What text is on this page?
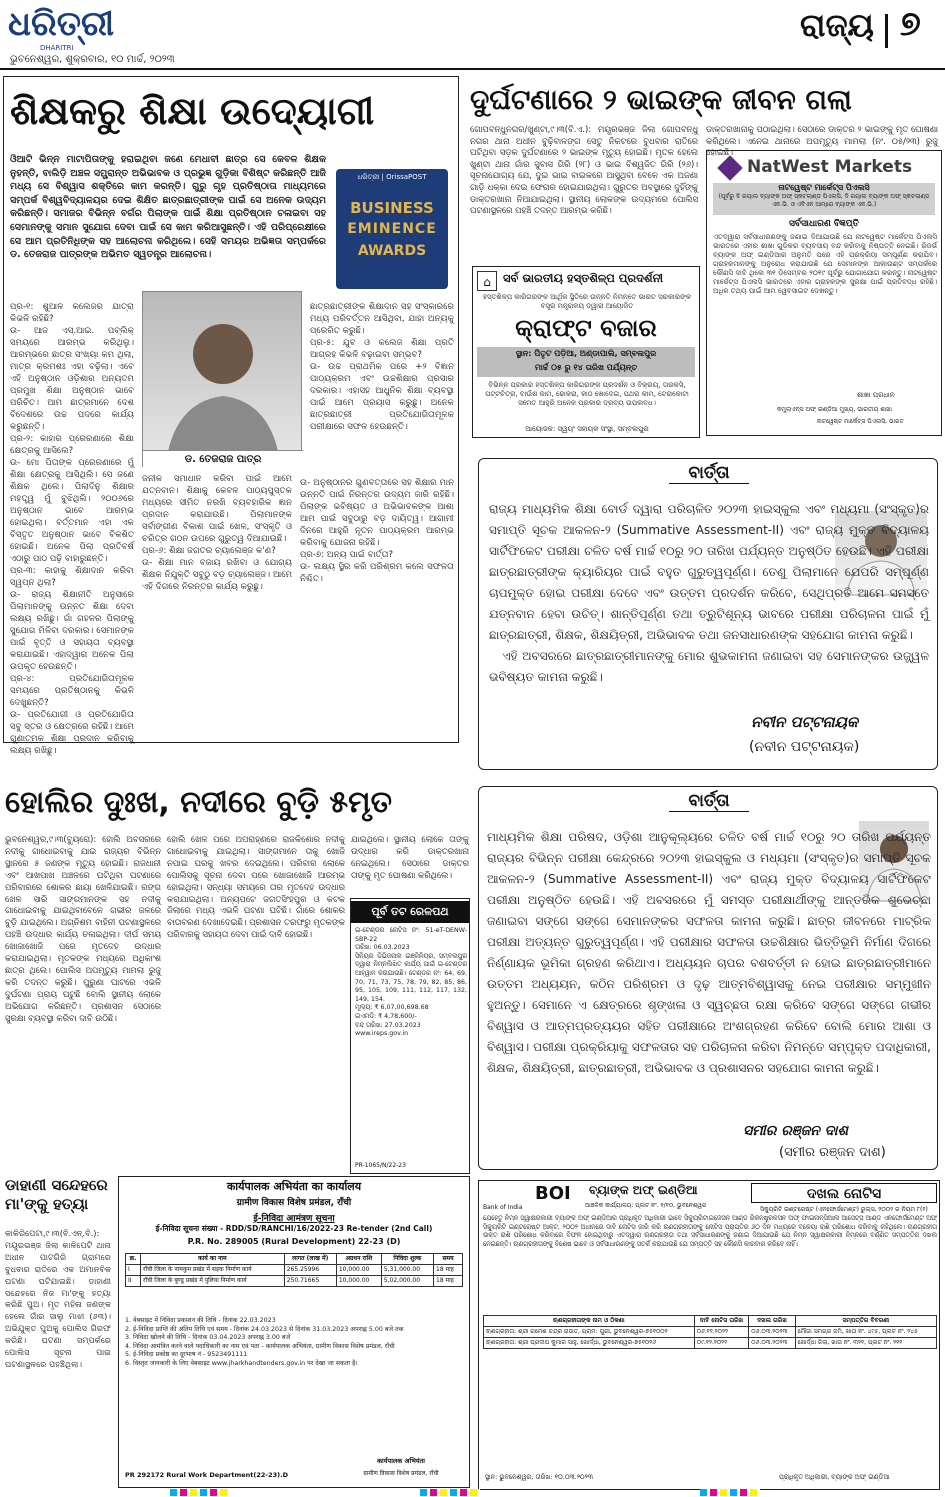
ଧରିତ୍ରୀ
DHARITRI
ଭୁବନେଶ୍ୱର, ଶୁକ୍ରବାର, ୧୦ ମାର୍ଚ୍ଚ, ୨୦୨୩
ରାଜ୍ୟ ୭
ଶିକ୍ଷକରୁ ଶିକ୍ଷା ଉଦ୍ୟୋଗୀ
ଓିଆଟି ଭିନ୍ନ ମାଟାପିତାଙ୍କୁ ହରାଇଥିବା ଜଣେ ମେଧାବୀ ଛାତ୍ର ସେ କେବଳ ଶିକ୍ଷକ ନୁହନ୍ତି, ବାଲିଡ଼ି ଅଞ୍ଚଳ ସମ୍ଭ୍ରାନ୍ତ ଅଭିଭାବକ ଓ ପ୍ରଭୁଜ୍ଞ ଗୁଡ଼ିକା ବିଶିଷ୍ଟ କରିଛନ୍ତି ଆଜି ମଧ୍ୟ ସେ ବିଶ୍ୱାସ ଶକ୍ତିରେ କାମ କରନ୍ତି। ଗୁରୁ ଗୃହ ପ୍ରତିଷ୍ଠାତା ମାଧ୍ୟମରେ ସମ୍ପର୍କ ବିଶ୍ୱବିଦ୍ୟାଳୟର ଦେଇ ଶିକ୍ଷିତ ଛାତ୍ରଛାତ୍ରୀଙ୍କ ପାଇଁ ସେ ଅନେକ ଉଦ୍ୟମ କରିଛନ୍ତି। ସମାଜର ବିଭିନ୍ନ ବର୍ଗର ପିଲାଙ୍କ ପାଇଁ ଶିକ୍ଷା ପ୍ରତିଷ୍ଠାନ ଚଳାଇବା ସହ ସେମାନଙ୍କୁ ସମାନ ସୁଯୋଗ ଦେବା ପାଇଁ ସେ କାମ କରିଆସୁଛନ୍ତି। ଏହି ପରିପ୍ରେକ୍ଷୀରେ ସେ ଆମ ପ୍ରତିନିଧିଙ୍କ ସହ ଆଲୋଚନା କରିଥିଲେ। ସେହି ସମୟର ଅଭିଜ୍ଞତା ସମ୍ପର୍କରେ ଡ. ତେଜରାଜ ପାତ୍ରଙ୍କ ଅଭିମତ ସ୍ୱତନ୍ତ୍ର ଆଲୋଚନା।
ଧରିତ୍ରୀ | OrissaPOST
BUSINESS
EMINENCE
AWARDS
ପ୍ର-୧: ଶୁଆଳ କଲେଜର ଯାତ୍ରା କିଭଳି ରହିଛି?
ଉ- ଆଜ ଏସ୍.ଆଇ. ପବ୍ଲିକ୍ ସମୟରେ ଆରମ୍ଭ କରିଥିଲୁ। ଆରମ୍ଭରେ ଛାତ୍ର ସଂଖ୍ୟା କମ ଥିଲା, ମାତ୍ର କ୍ରମଶଃ ଏହା ବଢ଼ିଲା। ଏବେ ଏହି ଅନୁଷ୍ଠାନ ଓଡ଼ିଶାର ଅନ୍ୟତମ ପ୍ରମୁଖ ଶିକ୍ଷା ଅନୁଷ୍ଠାନ ଭାବେ ପରିଚିତ। ଆମ ଛାତ୍ରମାନେ ଦେଶ ବିଦେଶରେ ଉଚ୍ଚ ପଦରେ କାର୍ଯ୍ୟ କରୁଛନ୍ତି।
ପ୍ର-୨: କାହାର ପ୍ରେରଣାରେ ଶିକ୍ଷା କ୍ଷେତ୍ରକୁ ଆସିଲେ?
ଉ- ମୋ ପିତାଙ୍କ ପ୍ରେରଣାରେ ମୁଁ ଶିକ୍ଷା କ୍ଷେତ୍ରକୁ ଆସିଥିଲି। ସେ ଜଣେ ଶିକ୍ଷକ ଥିଲେ। ପିଲାଦିନୁ ଶିକ୍ଷାର ମହତ୍ତ୍ୱ ମୁଁ ବୁଝିଥିଲି। ୨୦୦୬ରେ ଅନୁଷ୍ଠାନ ଭାବେ ଆରମ୍ଭ ହୋଇଥିଲା। ବର୍ତ୍ତମାନ ଏହା ଏକ ବିସ୍ତୃତ ଅନୁଷ୍ଠାନ ଭାବେ ବିକଶିତ ହୋଇଛି। ଅନେକ ପିଲା ପ୍ରତିବର୍ଷ ଏଠାରୁ ପାଠ ପଢ଼ି ବାହାରୁଛନ୍ତି।
ପ୍ର-୩: କାହାକୁ ଶିକ୍ଷାଦାନ କରିବା ସ୍ୱପ୍ନ ଥିଲା?
ଉ- ରାଜ୍ୟ ଶିକ୍ଷାନୀତି ଅନୁସାରେ ପିଲାମାନଙ୍କୁ ଉନ୍ନତ ଶିକ୍ଷା ଦେବା ଲକ୍ଷ୍ୟ ରଖିଛୁ। ଗାଁ ଗହଳର ପିଲାଙ୍କୁ ସୁଯୋଗ ମିଳିବା ଦରକାର। ସେମାନଙ୍କ ପାଇଁ ବୃତ୍ତି ଓ ସହାୟତା ବ୍ୟବସ୍ଥା କରାଯାଇଛି। ଏହାଦ୍ୱାରା ଅନେକ ପିଲା ଉପକୃତ ହେଉଛନ୍ତି।
ପ୍ର-୪: ପ୍ରତିଯୋଗିତାମୂଳକ ସମୟରେ ପ୍ରତିଷ୍ଠାନକୁ କିଭଳି ଦେଖୁଛନ୍ତି?
ଉ- ପ୍ରତିଯୋଗୀ ଓ ପ୍ରତିଯୋଗିତା ସବୁ ସ୍ତର ଓ କ୍ଷେତ୍ରରେ ରହିଛି। ଆମେ ଗୁଣାତ୍ମକ ଶିକ୍ଷା ପ୍ରଦାନ କରିବାକୁ ଲକ୍ଷ୍ୟ ରଖିଛୁ।
ଡ. ତେଜରାଜ ପାତ୍ର
ଛାତ୍ରଛାତ୍ରୀଙ୍କ ଶିକ୍ଷାଦାନ ସହ ସଂସ୍କାରରେ ମଧ୍ୟ ପରିବର୍ତ୍ତନ ଆସିଥିବା, ଯାହା ଅନ୍ୟକୁ ପ୍ରେରିତ କରୁଛି।
ପ୍ର-୫: ଯୁବ ଓ କଲେଜ ଶିକ୍ଷା ପ୍ରତି ଆଗ୍ରହ କିଭଳି ବଢ଼ାଇବା ସମ୍ଭବ?
ଉ- ଉଚ୍ଚ ପ୍ରାଥମିକ ପରେ +୨ ବିଜ୍ଞାନ ପାଠ୍ୟକ୍ରମ ଏବଂ ଉଚ୍ଚଶିକ୍ଷାର ପ୍ରସାର ଦରକାର। ଏହାସହ ଆଧୁନିକ ଶିକ୍ଷା ବ୍ୟବସ୍ଥା ପାଇଁ ଆମେ ପ୍ରୟାସ କରୁଛୁ। ଅନେକ ଛାତ୍ରଛାତ୍ରୀ ପ୍ରତିଯୋଗିତାମୂଳକ ପରୀକ୍ଷାରେ ସଫଳ ହେଉଛନ୍ତି।
ଜନୀକ ସମାଧାନ କରିବା ପାଇଁ ଆମେ ଯତ୍ନବାନ। ଶିକ୍ଷାକୁ କେବଳ ପାଠ୍ୟପୁସ୍ତକ ମଧ୍ୟରେ ସୀମିତ ନରଖି ବ୍ୟବହାରିକ ଜ୍ଞାନ ପ୍ରଦାନ କରାଯାଉଛି। ପିଲାମାନଙ୍କ ସର୍ବାଙ୍ଗୀଣ ବିକାଶ ପାଇଁ ଖେଳ, ସଂସ୍କୃତି ଓ ଚରିତ୍ର ଗଠନ ଉପରେ ଗୁରୁତ୍ୱ ଦିଆଯାଉଛି।
ପ୍ର-୬: ଶିକ୍ଷା ଜଗତର ଚ୍ୟାଲେଞ୍ଜ କ'ଣ?
ଉ- ଶିକ୍ଷା ମାନ ବଜାୟ ରଖିବା ଓ ଯୋଗ୍ୟ ଶିକ୍ଷକ ନିଯୁକ୍ତି ସବୁଠୁ ବଡ଼ ଚ୍ୟାଲେଞ୍ଜ। ଆମେ ଏହି ଦିଗରେ ନିରନ୍ତର କାର୍ଯ୍ୟ କରୁଛୁ।
ଉ- ଅନୁଷ୍ଠାନର ଗୁଣବତ୍ତାରେ ସହ ଶିକ୍ଷାର ମାନ ଉନ୍ନତି ପାଇଁ ନିରନ୍ତର ଉଦ୍ୟମ ଜାରି ରହିଛି। ପିଲାଙ୍କ ଭବିଷ୍ୟତ ଓ ଅଭିଭାବକଙ୍କ ଆଶା ଆମ ପାଇଁ ସବୁଠାରୁ ବଡ଼ ଦାୟିତ୍ୱ। ଆଗାମୀ ଦିନରେ ଆହୁରି ନୂତନ ପାଠ୍ୟକ୍ରମ ଆରମ୍ଭ କରିବାକୁ ଯୋଜନା ରହିଛି।
ପ୍ର-୭: ଅନ୍ୟ ପାଇଁ ବାର୍ତ୍ତା?
ଉ- ଲକ୍ଷ୍ୟ ସ୍ଥିର କରି ପରିଶ୍ରମ କଲେ ସଫଳତା ନିଶ୍ଚିତ।
ଦୁର୍ଘଟଣାରେ ୨ ଭାଇଙ୍କ ଜୀବନ ଗଲା
ଗୋପବନ୍ଧୁନଗର/ଖୁଣ୍ଟା,୯।୩(ବି.ଏ.): ମୟୂରଭଞ୍ଜ ଜିଲା ଗୋପବନ୍ଧୁ ନଗର ଥାନା ଅଧୀନ ବୁଢ଼ିବାଳଙ୍ଗ ସେତୁ ନିକଟରେ ବୁଧବାର ରାତିରେ ଘଟିଥିବା ସଡ଼କ ଦୁର୍ଘଟଣାରେ ୨ ଭାଇଙ୍କ ମୃତ୍ୟୁ ହୋଇଛି। ମୃତକ ହେଲେ ଖୁଣ୍ଟା ଥାନା ଗାଁର ସୁବାସ ଗିରି (୨୮) ଓ ଭାଇ ବିଶ୍ୱଜିତ ଗିରି (୨୬)। ସୂଚନାଯୋଗ୍ୟ ଯେ, ଦୁଇ ଭାଇ ବାଇକରେ ଆସୁଥିବା ବେଳେ ଏକ ଅଜଣା ଗାଡ଼ି ଧକ୍କା ଦେଇ ଫେରାର ହୋଇଯାଇଥିଲା। ଗୁରୁତର ଅବସ୍ଥାରେ ଦୁହିଁଙ୍କୁ ଡାକ୍ତରଖାନା ନିଆଯାଇଥିଲା। ସ୍ଥାନୀୟ ଲୋକଙ୍କ ଉଦ୍ୟମରେ ପୋଲିସ ଘଟଣାସ୍ଥଳରେ ପହଞ୍ଚି ତଦନ୍ତ ଆରମ୍ଭ କରିଛି।
ଡାକ୍ତରଖାନାକୁ ପଠାଇଥିଲା। ସେଠାରେ ଡାକ୍ତର ୨ ଭାଇଙ୍କୁ ମୃତ ଘୋଷଣା କରିଥିଲେ। ଏନେଇ ଥାନାରେ ଅପମୃତ୍ୟୁ ମାମଲା (ନଂ. ୦୫/୨୩) ରୁଜୁ ହୋଇଛି।
NatWest Markets
ନାଟୱେଷ୍ଟ ମାର୍କେଟ୍ସ ପିଏଲସି
(ପୂର୍ବରୁ ଦି ରୟାଲ ବ୍ୟାଙ୍କ ଅଫ୍ ସ୍କଟଲାଣ୍ଡ ପିଏଲସି, ଦି ରୟାଲ ବ୍ୟାଙ୍କ ଅଫ୍ ସ୍କଟଲାଣ୍ଡ ଏନ.ଭି. ଓ ଏବିଏନ ଆମ୍ରୋ ବ୍ୟାଙ୍କ ଏନ.ଭି.)
ସର୍ବସାଧାରଣ ବିଜ୍ଞପ୍ତି
ଏତଦ୍ୱାରା ସର୍ବସାଧାରଣଙ୍କୁ ଜଣାଇ ଦିଆଯାଉଛି ଯେ ନାଟୱେଷ୍ଟ ମାର୍କେଟ୍ସ ପିଏଲସି ଭାରତରେ ଏହାର ଶାଖା ଗୁଡ଼ିକର ବ୍ୟବସାୟ ବନ୍ଦ କରିବାକୁ ନିଷ୍ପତ୍ତି ନେଇଛି। ରିଜର୍ଭ ବ୍ୟାଙ୍କ ଅଫ୍ ଇଣ୍ଡିଆର ଅନୁମତି ପରେ ଏହି ପ୍ରକ୍ରିୟା ସମ୍ପୂର୍ଣ୍ଣ କରାଯିବ। ଗ୍ରାହକମାନଙ୍କୁ ଅନୁରୋଧ କରାଯାଉଛି ଯେ ସେମାନଙ୍କ ଆକାଉଣ୍ଟ ସମ୍ପର୍କରେ କୌଣସି ଦାବି ଥିଲେ ୩୧ ଡିସେମ୍ବର ୨୦୧୯ ପୂର୍ବରୁ ଯୋଗାଯୋଗ କରନ୍ତୁ। ନାଟୱେଷ୍ଟ ମାର୍କେଟ୍ସ ପିଏଲସି ଭାରତରେ ଏହାର ଗ୍ରାହକଙ୍କ ସୁରକ୍ଷା ପାଇଁ ପ୍ରତିବଦ୍ଧ ରହିଛି। ଅଧିକ ତଥ୍ୟ ପାଇଁ ଆମ ୱେବସାଇଟ ଦେଖନ୍ତୁ।
ଶାଖା ପ୍ରଧାନ
କମ୍ପ୍ଲାଏନ୍ସ ଅଫ୍ ଇଣ୍ଡିଆ ମୁଖ୍ୟ, ଭାରତୀୟ ଶାଖା
ନାଟୱେଷ୍ଟ ମାର୍କେଟ୍ସ ପିଏଲସି, ଭାରତ
⌂	ସର୍ବ ଭାରତୀୟ ହସ୍ତଶିଳ୍ପ ପ୍ରଦର୍ଶନୀ
ହସ୍ତଶିଳ୍ପ କାରିଗରଙ୍କ ଆର୍ଥିକ ସ୍ଥିତିରେ ଉନ୍ନତି ନିମନ୍ତେ ଭାରତ ସରକାରଙ୍କ ବସ୍ତ୍ର ମନ୍ତ୍ରାଳୟ ଦ୍ୱାରା ଆୟୋଜିତ
କ୍ରାଫ୍ଟ ବଜାର
ସ୍ଥାନ: ପିତୃଟ ପଡ଼ିଆ, ଅଣ୍ଡାପାଲି, ସମ୍ବଲପୁର
ମାର୍ଚ୍ଚ ୦୫ ରୁ ୧୪ ତାରିଖ ପର୍ଯ୍ୟନ୍ତ
ବିଭିନ୍ନ ପ୍ରକାର ହସ୍ତଶିଳ୍ପ କାରିଗରଙ୍କ ପ୍ରଦର୍ଶନ ଓ ବିକ୍ରୟ, ତାରକସି, ପଟ୍ଟଚିତ୍ର, ବାଉଁଶ କାମ, ଢୋକରା, କାଠ ଖୋଦେଇ, ପଥର କାମ, ଟେରାକୋଟା ସମେତ ଆହୁରି ଅନେକ ପ୍ରକାର ଦ୍ରବ୍ୟ ଉପଲବ୍ଧ।
ଆୟୋଜକ: ସ୍ୱୟଂ ସହାୟକ ସଂସ୍ଥା, ସମ୍ବଲପୁର
ବାର୍ତ୍ତା
ରାଜ୍ୟ ମାଧ୍ୟମିକ ଶିକ୍ଷା ବୋର୍ଡ ଦ୍ୱାରା ପରିଚାଳିତ ୨୦୨୩ ହାଇସ୍କୁଲ ଏବଂ ମଧ୍ୟମା (ସଂସ୍କୃତ)ର ସମାପ୍ତି ସୂଚକ ଆକଳନ-୨ (Summative Assessment-II) ଏବଂ ରାଜ୍ୟ ମୁକ୍ତ ବିଦ୍ୟାଳୟ ସାର୍ଟିଫିକେଟ ପରୀକ୍ଷା ଚଳିତ ବର୍ଷ ମାର୍ଚ୍ଚ ୧୦ରୁ ୨୦ ତାରିଖ ପର୍ଯ୍ୟନ୍ତ ଅନୁଷ୍ଠିତ ହେଉଛି। ଏହି ପରୀକ୍ଷା ଛାତ୍ରଛାତ୍ରୀଙ୍କ କ୍ୟାରିୟର ପାଇଁ ବହୁତ ଗୁରୁତ୍ୱପୂର୍ଣ୍ଣ। ତେଣୁ ପିଲାମାନେ ଯେପରି ସମ୍ପୂର୍ଣ୍ଣ ଚାପମୁକ୍ତ ହୋଇ ପରୀକ୍ଷା ଦେବେ ଏବଂ ଉତ୍ତମ ପ୍ରଦର୍ଶନ କରିବେ, ସେଥିପ୍ରତି ଆମେ ସମସ୍ତେ ଯତ୍ନବାନ ହେବା ଉଚିତ୍। ଶାନ୍ତିପୂର୍ଣ୍ଣ ତଥା ତ୍ରୁଟିଶୂନ୍ୟ ଭାବରେ ପରୀକ୍ଷା ପରିଚାଳନା ପାଇଁ ମୁଁ ଛାତ୍ରଛାତ୍ରୀ, ଶିକ୍ଷକ, ଶିକ୍ଷୟିତ୍ରୀ, ଅଭିଭାବକ ତଥା ଜନସାଧାରଣଙ୍କ ସହଯୋଗ କାମନା କରୁଛି।
ଏହି ଅବସରରେ ଛାତ୍ରଛାତ୍ରୀମାନଙ୍କୁ ମୋର ଶୁଭକାମନା ଜଣାଇବା ସହ ସେମାନଙ୍କର ଉଜ୍ଜ୍ୱଳ ଭବିଷ୍ୟତ କାମନା କରୁଛି।
ନବୀନ ପଟ୍ଟନାୟକ
(ନବୀନ ପଟ୍ଟନାୟକ)
ହୋଲିର ଦୁଃଖ, ନଦୀରେ ବୁଡ଼ି ୫ମୃତ
ଭୁବନେଶ୍ୱର,୯।୩(ବ୍ୟୁରୋ): ହୋଲି ଅବସରରେ ନଦୀକୁ ଗାଧୋଇବାକୁ ଯାଇ ରାଜ୍ୟର ବିଭିନ୍ନ ସ୍ଥାନରେ ୫ ଜଣଙ୍କ ମୃତ୍ୟୁ ହୋଇଛି। ରାଜଧାନୀ ଏବଂ ଆଖପାଖ ଅଞ୍ଚଳରେ ଘଟିଥିବା ଘଟଣାରେ ପରିବାରରେ ଶୋକର ଛାୟା ଖେଳିଯାଇଛି। ରଙ୍ଗ ଖେଳ ସାରି ସାଙ୍ଗମାନଙ୍କ ସହ ନଦୀକୁ ଗାଧୋଇବାକୁ ଯାଇଥିବାବେଳେ ଗଭୀର ଜଳରେ ବୁଡ଼ି ଯାଇଥିଲେ। ଅଗ୍ନିଶମ ବାହିନୀ ଘଟଣାସ୍ଥଳରେ ପହଞ୍ଚି ଉଦ୍ଧାର କାର୍ଯ୍ୟ ଚଳାଇଥିଲା। ଦୀର୍ଘ ସମୟ ଖୋଜାଖୋଜି ପରେ ମୃତଦେହ ଉଦ୍ଧାର କରାଯାଇଥିଲା। ମୃତକଙ୍କ ମଧ୍ୟରେ ଅଧିକାଂଶ ଛାତ୍ର ଥିଲେ। ପୋଲିସ ଅପମୃତ୍ୟୁ ମାମଲା ରୁଜୁ କରି ତଦନ୍ତ କରୁଛି। ପୁରୁଣା ଘାଟରେ ଏଭଳି ଦୁର୍ଘଟଣା ପ୍ରାୟ ଘଟୁଛି ବୋଲି ସ୍ଥାନୀୟ ଲୋକେ ଅଭିଯୋଗ କରିଛନ୍ତି। ପ୍ରଶାସନ ସେଠାରେ ସୁରକ୍ଷା ବ୍ୟବସ୍ଥା କରିବା ଦାବି ଉଠିଛି।
ହୋଲି ଖେଳ ପରେ ଅପରାହ୍ଣରେ ରାଜକିଶୋର ନଦୀକୁ ଗାଧୋଇବାକୁ ଯାଇଥିଲା। ସାଙ୍ଗମାନେ ତାକୁ ଖୋଜି ନପାଇ ଘରକୁ ଖବର ଦେଇଥିଲେ। ପରିବାର ଲୋକେ ପୋଲିସକୁ ସୂଚନା ଦେବା ପରେ ଖୋଜାଖୋଜି ଆରମ୍ଭ ହୋଇଥିଲା। ସନ୍ଧ୍ୟା ସମୟରେ ତାର ମୃତଦେହ ଉଦ୍ଧାର କରାଯାଇଥିଲା। ଅନ୍ୟପଟେ ଜଗତସିଂହପୁର ଓ କଟକ ଜିଲାରେ ମଧ୍ୟ ଏଭଳି ଘଟଣା ଘଟିଛି। ଗାଁରେ ଶୋକର ବାତାବରଣ ଦେଖାଦେଇଛି। ପ୍ରଶାସନ ତରଫରୁ ମୃତକଙ୍କ ପରିବାରକୁ ସହାୟତା ଦେବା ପାଇଁ ଦାବି ହୋଇଛି।
ଯାଇଥିଲେ। ସ୍ଥାନୀୟ ଲୋକେ ତାଙ୍କୁ ଉଦ୍ଧାର କରି ଡାକ୍ତରଖାନା ନେଇଥିଲେ। ସେଠାରେ ଡାକ୍ତର ତାଙ୍କୁ ମୃତ ଘୋଷଣା କରିଥିଲେ।
ପୂର୍ବ ତଟ ରେଳପଥ
ଇ-ଟେଣ୍ଡର ନୋଟିସ ନଂ: 51-eT-DENW-SBP-22
ତାରିଖ: 06.03.2023
ସିନିୟର ଡିଭିଜନାଲ ଇଞ୍ଜିନିୟର, ସମ୍ବଲପୁର ଦ୍ୱାରା ନିମ୍ନଲିଖିତ କାର୍ଯ୍ୟ ପାଇଁ ଇ-ଟେଣ୍ଡର ଆହ୍ୱାନ କରାଯାଉଛି। ଟେଣ୍ଡର ନଂ: 64, 69, 70, 71, 73, 75, 78, 79, 82, 85, 86, 95, 105, 109, 111, 112, 117, 132, 149, 154.
ମୂଲ୍ୟ: ₹ 6,07,00,698.68
ଇଏମଡି: ₹ 4,78,600/-
ବନ୍ଦ ତାରିଖ: 27.03.2023
www.ireps.gov.in
PR-1065/N/22-23
ଡାହାଣୀ ସନ୍ଦେହରେ ମା'ଙ୍କୁ ହତ୍ୟା
କାକିରିପେଟା,୯।୩(ବି.ଏନ୍.ବି.): ମୟୂରଭଞ୍ଜ ଜିଲା କାଳିପେଟି ଥାନା ଅଧୀନ ପାଟଗିରି ଗ୍ରାମରେ ବୁଧବାର ରାତିରେ ଏକ ଅମାନବିକ ଘଟଣା ଘଟିଯାଇଛି। ଡାହାଣୀ ସନ୍ଦେହରେ ନିଜ ମା'ଙ୍କୁ ହତ୍ୟା କରିଛି ପୁଅ। ମୃତ ମହିଳା ଜଣଙ୍କ ହେଲେ ଗାଁର ସାଲୁ ମାଝୀ (୬୩)। ଅଭିଯୁକ୍ତ ପୁଅକୁ ପୋଲିସ ଗିରଫ କରିଛି। ଘଟଣା ସମ୍ପର୍କରେ ପୋଲିସ ସୂଚନା ପାଇ ଘଟଣାସ୍ଥଳରେ ପହଞ୍ଚିଥିଲା।
कार्यपालक अभियंता का कार्यालय
ग्रामीण विकास विशेष प्रमंडल, राँची
ई-निविदा आमंत्रण सूचना
ई-निविदा सूचना संख्या - RDD/SD/RANCHI/16/2022-23 Re-tender (2nd Call)
P.R. No. 289005 (Rural Development) 22-23 (D)
क्र.	कार्य का नाम	लागत (लाख में)	अग्रधन राशि	निविदा शुल्क	समय
I	राँची जिला के नामकुम प्रखंड में सड़क निर्माण कार्य	265.25996	10,000.00	5,31,000.00	18 माह
II	राँची जिला के बुण्डू प्रखंड में पुलिया निर्माण कार्य	250.71665	10,000.00	5,02,000.00	18 माह
1. वेबसाइट में निविदा प्रकाशन की तिथि - दिनांक 22.03.2023
2. ई-निविदा प्राप्ति की अंतिम तिथि एवं समय - दिनांक 24.03.2023 से दिनांक 31.03.2023 अपराह्न 5.00 बजे तक
3. निविदा खोलने की तिथि - दिनांक 03.04.2023 अपराह्न 3.00 बजे
4. निविदा आमंत्रित करने वाले पदाधिकारी का नाम एवं पता - कार्यपालक अभियंता, ग्रामीण विकास विशेष प्रमंडल, राँची
5. ई-निविदा प्रकोष्ठ का दूरभाष नं - 9523491111
6. विस्तृत जानकारी के लिए वेबसाइट www.jharkhandtenders.gov.in पर देखा जा सकता है।
PR 292172 Rural Work Department(22-23).D
कार्यपालक अभियंता
ग्रामीण विकास विशेष प्रमंडल, राँची
ବାର୍ତ୍ତା
ମାଧ୍ୟମିକ ଶିକ୍ଷା ପରିଷଦ, ଓଡ଼ିଶା ଆନୁକୂଲ୍ୟରେ ଚଳିତ ବର୍ଷ ମାର୍ଚ୍ଚ ୧୦ରୁ ୨୦ ତାରିଖ ପର୍ଯ୍ୟନ୍ତ ରାଜ୍ୟର ବିଭିନ୍ନ ପରୀକ୍ଷା କେନ୍ଦ୍ରରେ ୨୦୨୩ ହାଇସ୍କୁଲ ଓ ମଧ୍ୟମା (ସଂସ୍କୃତ)ର ସମାପ୍ତି ସୂଚକ ଆକଳନ-୨ (Summative Assessment-II) ଏବଂ ରାଜ୍ୟ ମୁକ୍ତ ବିଦ୍ୟାଳୟ ସାର୍ଟିଫିକେଟ ପରୀକ୍ଷା ଅନୁଷ୍ଠିତ ହେଉଛି। ଏହି ଅବସରରେ ମୁଁ ସମସ୍ତ ପରୀକ୍ଷାର୍ଥୀଙ୍କୁ ଆନ୍ତରିକ ଶୁଭେଚ୍ଛା ଜଣାଇବା ସଙ୍ଗେ ସଙ୍ଗେ ସେମାନଙ୍କର ସଫଳତା କାମନା କରୁଛି। ଛାତ୍ର ଜୀବନରେ ମାଟ୍ରିକ ପରୀକ୍ଷା ଅତ୍ୟନ୍ତ ଗୁରୁତ୍ୱପୂର୍ଣ୍ଣ। ଏହି ପରୀକ୍ଷାର ସଫଳତା ଉଚ୍ଚଶିକ୍ଷାର ଭିତ୍ତିଭୂମି ନିର୍ମାଣ ଦିଗରେ ନିର୍ଣ୍ଣାୟକ ଭୂମିକା ଗ୍ରହଣ କରିଥାଏ। ଅଧ୍ୟୟନ ଚାପର ବଶବର୍ତ୍ତୀ ନ ହୋଇ ଛାତ୍ରଛାତ୍ରୀମାନେ ଉତ୍ତମ ଅଧ୍ୟୟନ, କଠିନ ପରିଶ୍ରମ ଓ ଦୃଢ଼ ଆତ୍ମବିଶ୍ୱାସକୁ ନେଇ ପରୀକ୍ଷାର ସମ୍ମୁଖୀନ ହୁଅନ୍ତୁ। ସେମାନେ ଏ କ୍ଷେତ୍ରରେ ଶୃଙ୍ଖଳା ଓ ସ୍ୱଚ୍ଛତା ରକ୍ଷା କରିବେ ସଙ୍ଗେ ସଙ୍ଗେ ଗଭୀର ବିଶ୍ୱାସ ଓ ଆତ୍ମପ୍ରତ୍ୟୟର ସହିତ ପରୀକ୍ଷାରେ ଅଂଶଗ୍ରହଣ କରିବେ ବୋଲି ମୋର ଆଶା ଓ ବିଶ୍ୱାସ। ପରୀକ୍ଷା ପ୍ରକ୍ରିୟାକୁ ସଫଳତାର ସହ ପରିଚାଳନା କରିବା ନିମନ୍ତେ ସମ୍ପୃକ୍ତ ପଦାଧିକାରୀ, ଶିକ୍ଷକ, ଶିକ୍ଷୟିତ୍ରୀ, ଛାତ୍ରଛାତ୍ରୀ, ଅଭିଭାବକ ଓ ପ୍ରଶାସନର ସହଯୋଗ କାମନା କରୁଛି।
ସମୀର ରଞ୍ଜନ ଦାଶ
(ସମୀର ରଞ୍ଜନ ଦାଶ)
BOI
Bank of India
ବ୍ୟାଙ୍କ ଅଫ୍ ଇଣ୍ଡିଆ
ଆଞ୍ଚଳିକ କାର୍ଯ୍ୟାଳୟ: ପ୍ଲଟ ନଂ. ୧/୧୦, ଭୁବନେଶ୍ୱର
ଦଖଲ ନୋଟିସ
ସିକ୍ୟୁରିଟି ଇଣ୍ଟରେଷ୍ଟ (ଏନଫୋର୍ସମେଣ୍ଟ) ରୁଲ୍ସ, ୨୦୦୨ ର ନିୟମ ୮(୧)
ଯେହେତୁ ନିମ୍ନ ସ୍ୱାକ୍ଷରକାରୀ ବ୍ୟାଙ୍କ ଅଫ୍ ଇଣ୍ଡିଆର ପ୍ରାଧିକୃତ ଅଧିକାରୀ ଭାବେ ସିକ୍ୟୁରିଟାଇଜେସନ ଆଣ୍ଡ ରିକନଷ୍ଟ୍ରକସନ ଅଫ୍ ଫାଇନାନ୍ସିଆଲ ଆସେଟ୍ସ ଆଣ୍ଡ ଏନଫୋର୍ସମେଣ୍ଟ ଅଫ୍ ସିକ୍ୟୁରିଟି ଇଣ୍ଟରେଷ୍ଟ ଆକ୍ଟ, ୨୦୦୨ ଅଧୀନରେ ଦାବି ନୋଟିସ ଜାରି କରି ଋଣଗ୍ରହୀତାଙ୍କୁ ନୋଟିସ ପ୍ରାପ୍ତିର ୬୦ ଦିନ ମଧ୍ୟରେ ବକେୟା ରାଶି ପରିଶୋଧ କରିବାକୁ କହିଥିଲେ। ଋଣଗ୍ରହୀତା ଉକ୍ତ ରାଶି ପରିଶୋଧ କରିବାରେ ବିଫଳ ହୋଇଥିବାରୁ ଏତଦ୍ୱାରା ଋଣଗ୍ରହୀତା ତଥା ସର୍ବସାଧାରଣଙ୍କୁ ଜଣାଇ ଦିଆଯାଉଛି ଯେ ନିମ୍ନ ସ୍ୱାକ୍ଷରକାରୀ ନିମ୍ନରେ ବର୍ଣ୍ଣିତ ସମ୍ପତ୍ତିର ଦଖଲ ନେଇଛନ୍ତି। ଋଣଗ୍ରହୀତାଙ୍କୁ ବିଶେଷ ଭାବେ ଓ ସର୍ବସାଧାରଣଙ୍କୁ ସତର୍କ କରାଯାଉଛି ଯେ ସମ୍ପତ୍ତି ସହ କୌଣସି କାରବାର କରିବେ ନାହିଁ।
ଋଣଗ୍ରହୀତାଙ୍କ ନାମ ଓ ଠିକଣା	ଦାବି ନୋଟିସ ତାରିଖ	ଦଖଲ ତାରିଖ	ସମ୍ପତ୍ତିର ବିବରଣୀ
ଋଣଗ୍ରହୀତା: ଶ୍ରୀ ରମେଶ ଚନ୍ଦ୍ର ରାଉତ, ଗ୍ରାମ: ପୁରୀ, ଭୁବନେଶ୍ୱର-୭୫୧୦୦୨	୦୬.୧୨.୨୦୨୨	୦୬.୦୩.୨୦୨୩	ମୌଜା ସମଗ୍ର ଜମି, ଖାତା ନଂ. ୪୯୫, ପ୍ଲଟ ନଂ. ୨୪୫
ଋଣଗ୍ରହୀତା: ଶ୍ରୀ ପ୍ରଦୀପ କୁମାର ସାହୁ, ଖୋର୍ଦ୍ଧା, ଭୁବନେଶ୍ୱର-୭୫୧୦୧୬	୦୯.୧୨.୨୦୨୨	୦୬.୦୩.୨୦୨୩	ଖୋର୍ଦ୍ଧା ଜିଲା, ଖାତା ନଂ. ୩୨୧, ପ୍ଲଟ ନଂ. ୨୧୧
ସ୍ଥାନ: ଭୁବନେଶ୍ୱର, ତାରିଖ: ୧୦.୦୩.୨୦୨୩	ପ୍ରାଧିକୃତ ଅଧିକାରୀ, ବ୍ୟାଙ୍କ ଅଫ୍ ଇଣ୍ଡିଆ
